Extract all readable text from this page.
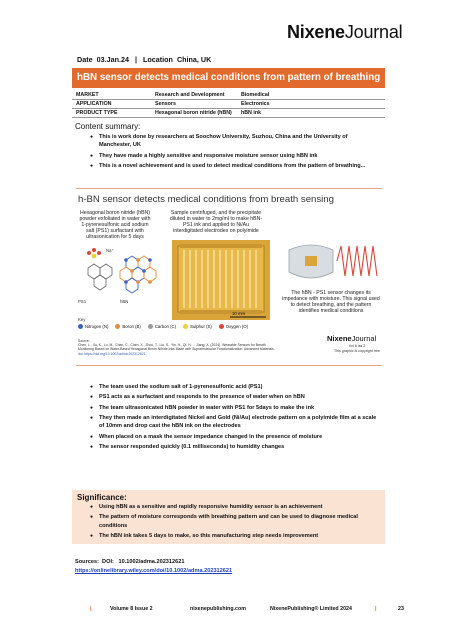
NixeneJournal
Date 03.Jan.24 | Location China, UK
hBN sensor detects medical conditions from pattern of breathing
MARKET	Research and Development	Biomedical
APPLICATION	Sensors	Electronics
PRODUCT TYPE	Hexagonal boron nitride (hBN)	hBN ink
Content summary:
● This is work done by researchers at Soochow University, Suzhou, China and the University of Manchester, UK
● They have made a highly sensitive and responsive moisture sensor using hBN ink
● This is a novel achievement and is used to detect medical conditions from the pattern of breathing...
h-BN sensor detects medical conditions from breath sensing
Hexagonal boron nitride (hBN) powder exfoliated in water with 1-pyrenesulfonic acid sodium salt (PS1) surfactant with ultrasonication for 5 days
Sample centrifuged, and the precipitate diluted in water to 2mg/ml to make hBN-PS1 ink and applied to Ni/Au interdigitated electrodes on polyimide
The hBN - PS1 sensor changes its impedance with moisture. This signal used to detect breathing, and the pattern identifies medical conditions
Na⁺
PS1	hBN
10 mm
Key
Nitrogen (N)	Boron (B)	Carbon (C)	Sulphur (S)	Oxygen (O)
Source:
Chen, L., Xu, K., Lu, M., Chen, C., Chen, X., Zhou, T., Liu, S., Yin, H., Qi, H. ... Jiang, X. (2024). Wearable Sensors for Breath Monitoring Based on Water-Based Hexagonal Boron Nitride Inks Made with Supramolecular Functionalization. Advanced Materials. doi: https://doi.org/10.1002/adma.202312621
NixeneJournal
Vol 8 Iss 2
This graphic is copyright free
● The team used the sodium salt of 1-pyrenesulfonic acid (PS1)
● PS1 acts as a surfactant and responds to the presence of water when on hBN
● The team ultrasonicated hBN powder in water with PS1 for 5days to make the ink
● They then made an interdigitated Nickel and Gold (Ni/Au) electrode pattern on a polyimide film at a scale of 10mm and drop cast the hBN ink on the electrodes
● When placed on a mask the sensor impedance changed in the presence of moisture
● The sensor responded quickly (0.1 milliseconds) to humidity changes
Significance:
● Using hBN as a sensitive and rapidly responsive humidity sensor is an achievement
● The pattern of moisture corresponds with breathing pattern and can be used to diagnose medical conditions
● The hBN ink takes 5 days to make, so this manufacturing step needs improvement
Sources: DOI: 10.1002/adma.202312621
https://onlinelibrary.wiley.com/doi/10.1002/adma.202312621
|	Volume 8 Issue 2	nixenepublishing.com	NixenePublishing® Limited 2024	|	23
